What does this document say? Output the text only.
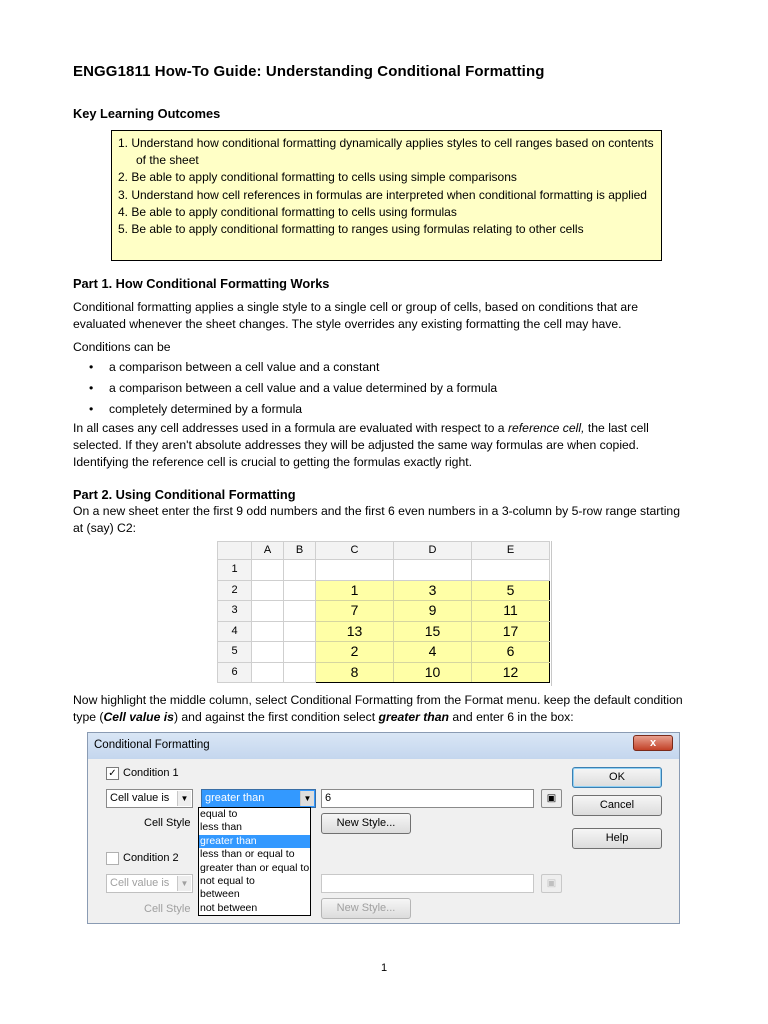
ENGG1811 How-To Guide: Understanding Conditional Formatting
Key Learning Outcomes
1. Understand how conditional formatting dynamically applies styles to cell ranges based on contents of the sheet
2. Be able to apply conditional formatting to cells using simple comparisons
3. Understand how cell references in formulas are interpreted when conditional formatting is applied
4. Be able to apply conditional formatting to cells using formulas
5. Be able to apply conditional formatting to ranges using formulas relating to other cells
Part 1. How Conditional Formatting Works

Conditional formatting applies a single style to a single cell or group of cells, based on conditions that are evaluated whenever the sheet changes. The style overrides any existing formatting the cell may have.

Conditions can be

• a comparison between a cell value and a constant
• a comparison between a cell value and a value determined by a formula
• completely determined by a formula

In all cases any cell addresses used in a formula are evaluated with respect to a reference cell, the last cell selected. If they aren't absolute addresses they will be adjusted the same way formulas are when copied. Identifying the reference cell is crucial to getting the formulas exactly right.

Part 2. Using Conditional Formatting

On a new sheet enter the first 9 odd numbers and the first 6 even numbers in a 3-column by 5-row range starting at (say) C2:

	A	B	C	D	E
1					
2			1	3	5
3			7	9	11
4			13	15	17
5			2	4	6
6			8	10	12

Now highlight the middle column, select Conditional Formatting from the Format menu. keep the default condition type (Cell value is) and against the first condition select greater than and enter 6 in the box:

Conditional Formatting	x
✓ Condition 1
Cell value is	▼	greater than	▼	6	▣
Cell Style	New Style...
Condition 2
Cell value is	▼	▣
Cell Style	New Style...
OK
Cancel
Help
equal to
less than
greater than
less than or equal to
greater than or equal to
not equal to
between
not between
1
